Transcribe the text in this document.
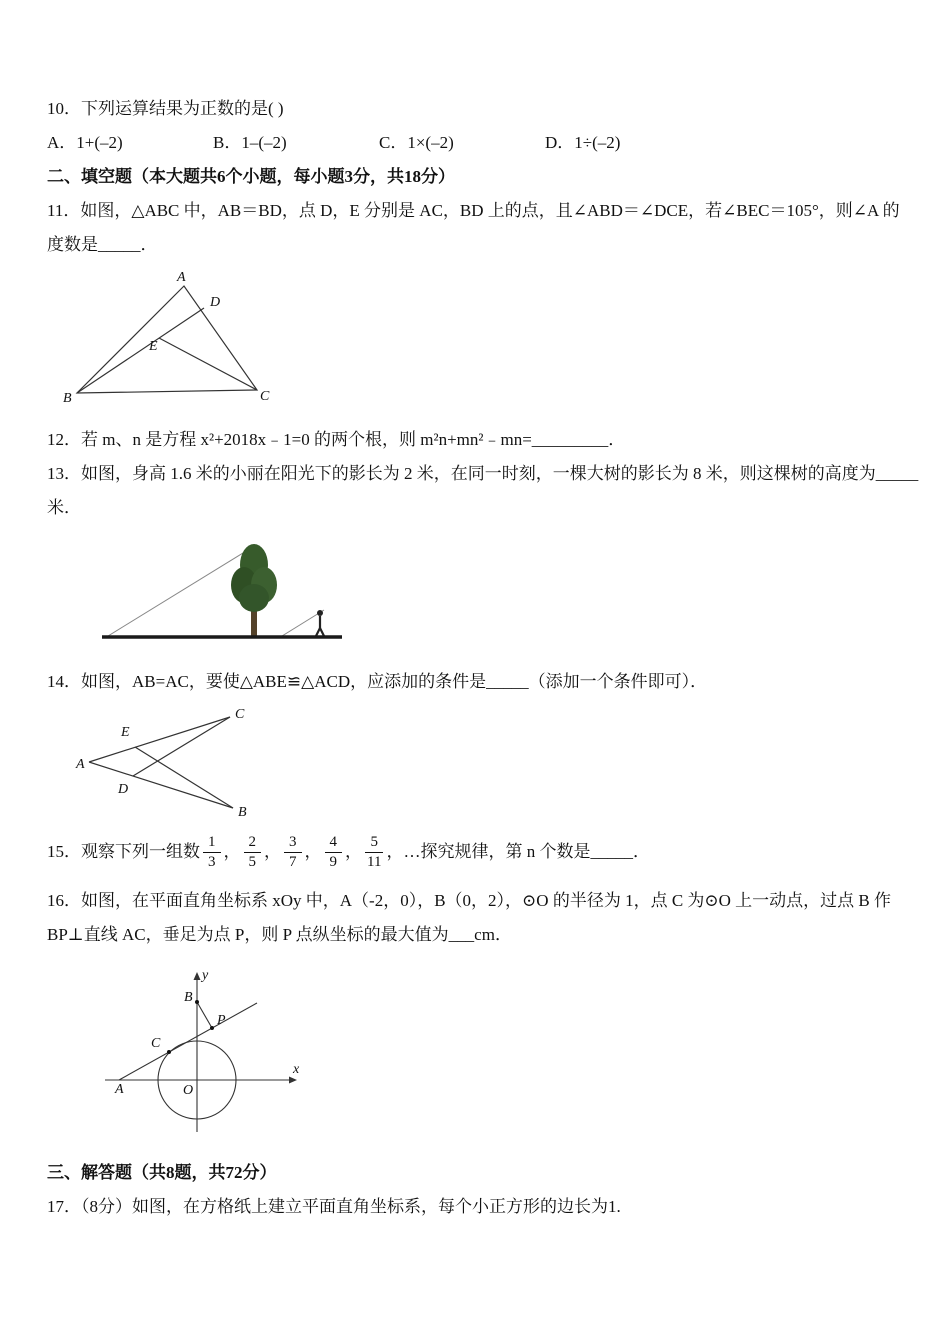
10．下列运算结果为正数的是( )

A．1+(–2)	B．1–(–2)	C．1×(–2)	D．1÷(–2)

二、填空题（本大题共6个小题，每小题3分，共18分）

11．如图，△ABC 中，AB＝BD，点 D，E 分别是 AC，BD 上的点，且∠ABD＝∠DCE，若∠BEC＝105°，则∠A 的

度数是_____．

A
B	C
D
E

12．若 m、n 是方程 x²+2018x﹣1=0 的两个根，则 m²n+mn²﹣mn=_________．

13．如图，身高 1.6 米的小丽在阳光下的影长为 2 米，在同一时刻，一棵大树的影长为 8 米，则这棵树的高度为_____

米．

14．如图，AB=AC，要使△ABE≌△ACD，应添加的条件是_____（添加一个条件即可）．

A
E
C
D
B
15．观察下列一组数 $\frac{1}{3}$ ， $\frac{2}{5}$ ， $\frac{3}{7}$ ， $\frac{4}{9}$ ， $\frac{5}{11}$ ， …探究规律，第 n 个数是_____．

16．如图，在平面直角坐标系 xOy 中，A（-2，0），B（0，2），⊙O 的半径为 1，点 C 为⊙O 上一动点，过点 B 作

BP⊥直线 AC，垂足为点 P，则 P 点纵坐标的最大值为___cm．

y
x
O
A
B
C
P

三、解答题（共8题，共72分）

17．（8分）如图，在方格纸上建立平面直角坐标系，每个小正方形的边长为1.
